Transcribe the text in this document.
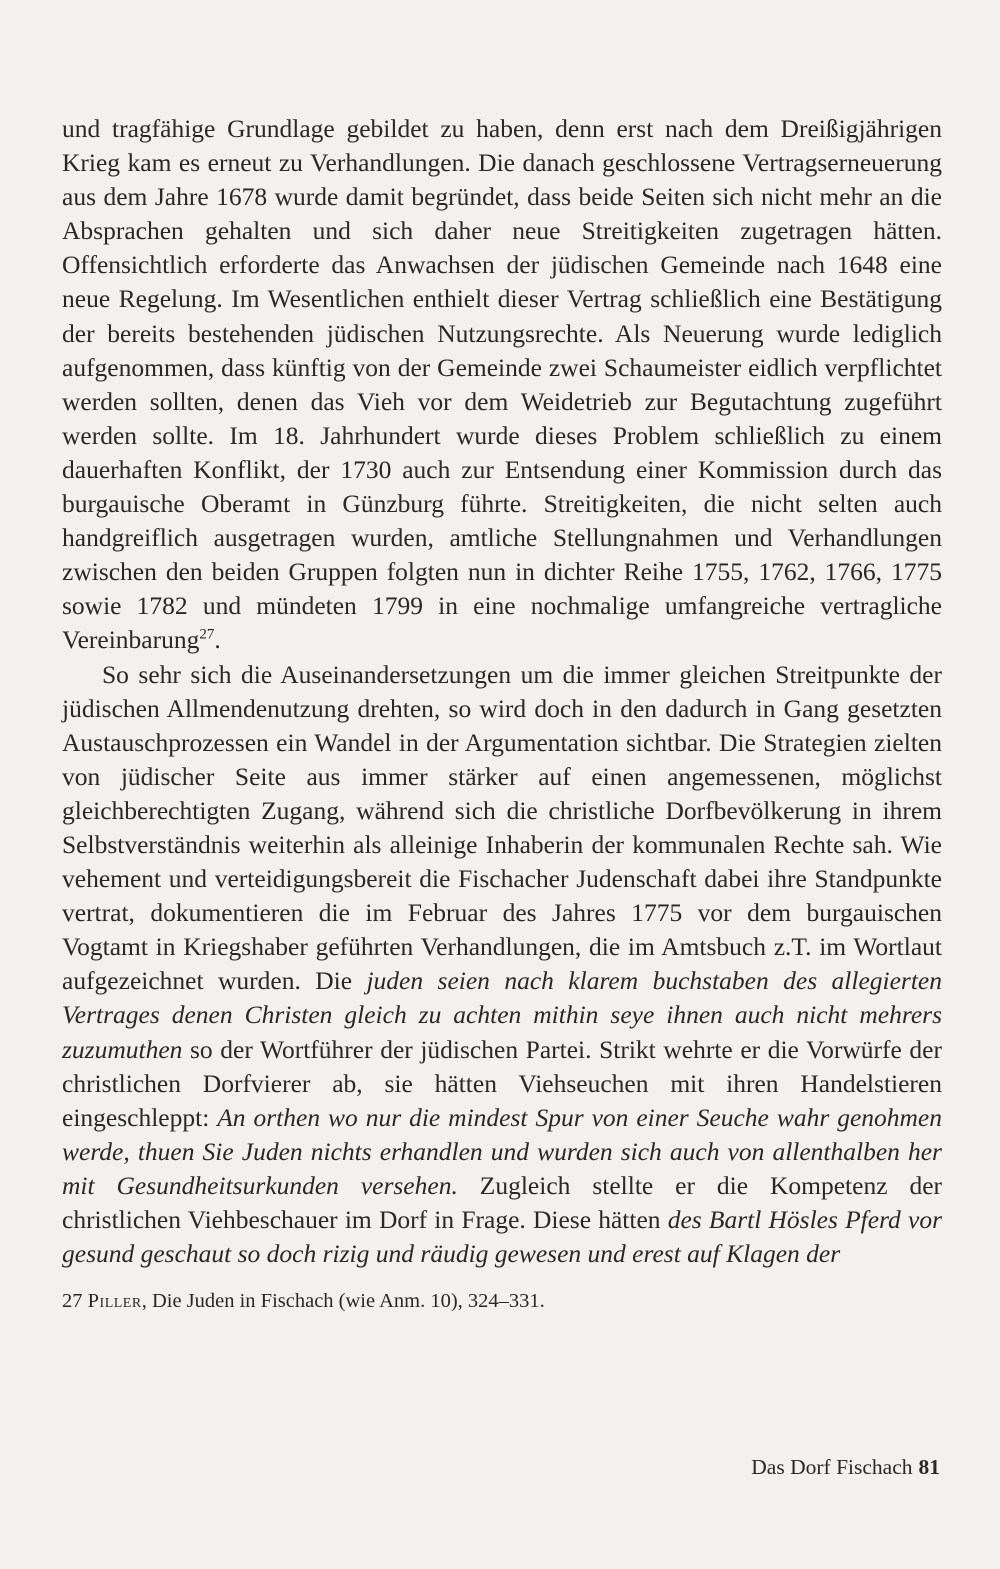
und tragfähige Grundlage gebildet zu haben, denn erst nach dem Dreißigjährigen Krieg kam es erneut zu Verhandlungen. Die danach geschlossene Vertragserneuerung aus dem Jahre 1678 wurde damit begründet, dass beide Seiten sich nicht mehr an die Absprachen gehalten und sich daher neue Streitigkeiten zugetragen hätten. Offensichtlich erforderte das Anwachsen der jüdischen Gemeinde nach 1648 eine neue Regelung. Im Wesentlichen enthielt dieser Vertrag schließlich eine Bestätigung der bereits bestehenden jüdischen Nutzungsrechte. Als Neuerung wurde lediglich aufgenommen, dass künftig von der Gemeinde zwei Schaumeister eidlich verpflichtet werden sollten, denen das Vieh vor dem Weidetrieb zur Begutachtung zugeführt werden sollte. Im 18. Jahrhundert wurde dieses Problem schließlich zu einem dauerhaften Konflikt, der 1730 auch zur Entsendung einer Kommission durch das burgauische Oberamt in Günzburg führte. Streitigkeiten, die nicht selten auch handgreiflich ausgetragen wurden, amtliche Stellungnahmen und Verhandlungen zwischen den beiden Gruppen folgten nun in dichter Reihe 1755, 1762, 1766, 1775 sowie 1782 und mündeten 1799 in eine nochmalige umfangreiche vertragliche Vereinbarung$^{27}$.

So sehr sich die Auseinandersetzungen um die immer gleichen Streitpunkte der jüdischen Allmendenutzung drehten, so wird doch in den dadurch in Gang gesetzten Austauschprozessen ein Wandel in der Argumentation sichtbar. Die Strategien zielten von jüdischer Seite aus immer stärker auf einen angemessenen, möglichst gleichberechtigten Zugang, während sich die christliche Dorfbevölkerung in ihrem Selbstverständnis weiterhin als alleinige Inhaberin der kommunalen Rechte sah. Wie vehement und verteidigungsbereit die Fischacher Judenschaft dabei ihre Standpunkte vertrat, dokumentieren die im Februar des Jahres 1775 vor dem burgauischen Vogtamt in Kriegshaber geführten Verhandlungen, die im Amtsbuch z.T. im Wortlaut aufgezeichnet wurden. Die juden seien nach klarem buchstaben des allegierten Vertrages denen Christen gleich zu achten mithin seye ihnen auch nicht mehrers zuzumuthen so der Wortführer der jüdischen Partei. Strikt wehrte er die Vorwürfe der christlichen Dorfvierer ab, sie hätten Viehseuchen mit ihren Handelstieren eingeschleppt: An orthen wo nur die mindest Spur von einer Seuche wahr genohmen werde, thuen Sie Juden nichts erhandlen und wurden sich auch von allenthalben her mit Gesundheitsurkunden versehen. Zugleich stellte er die Kompetenz der christlichen Viehbeschauer im Dorf in Frage. Diese hätten des Bartl Hösles Pferd vor gesund geschaut so doch rizig und räudig gewesen und erest auf Klagen der

27 Piller, Die Juden in Fischach (wie Anm. 10), 324–331.
Das Dorf Fischach 81
